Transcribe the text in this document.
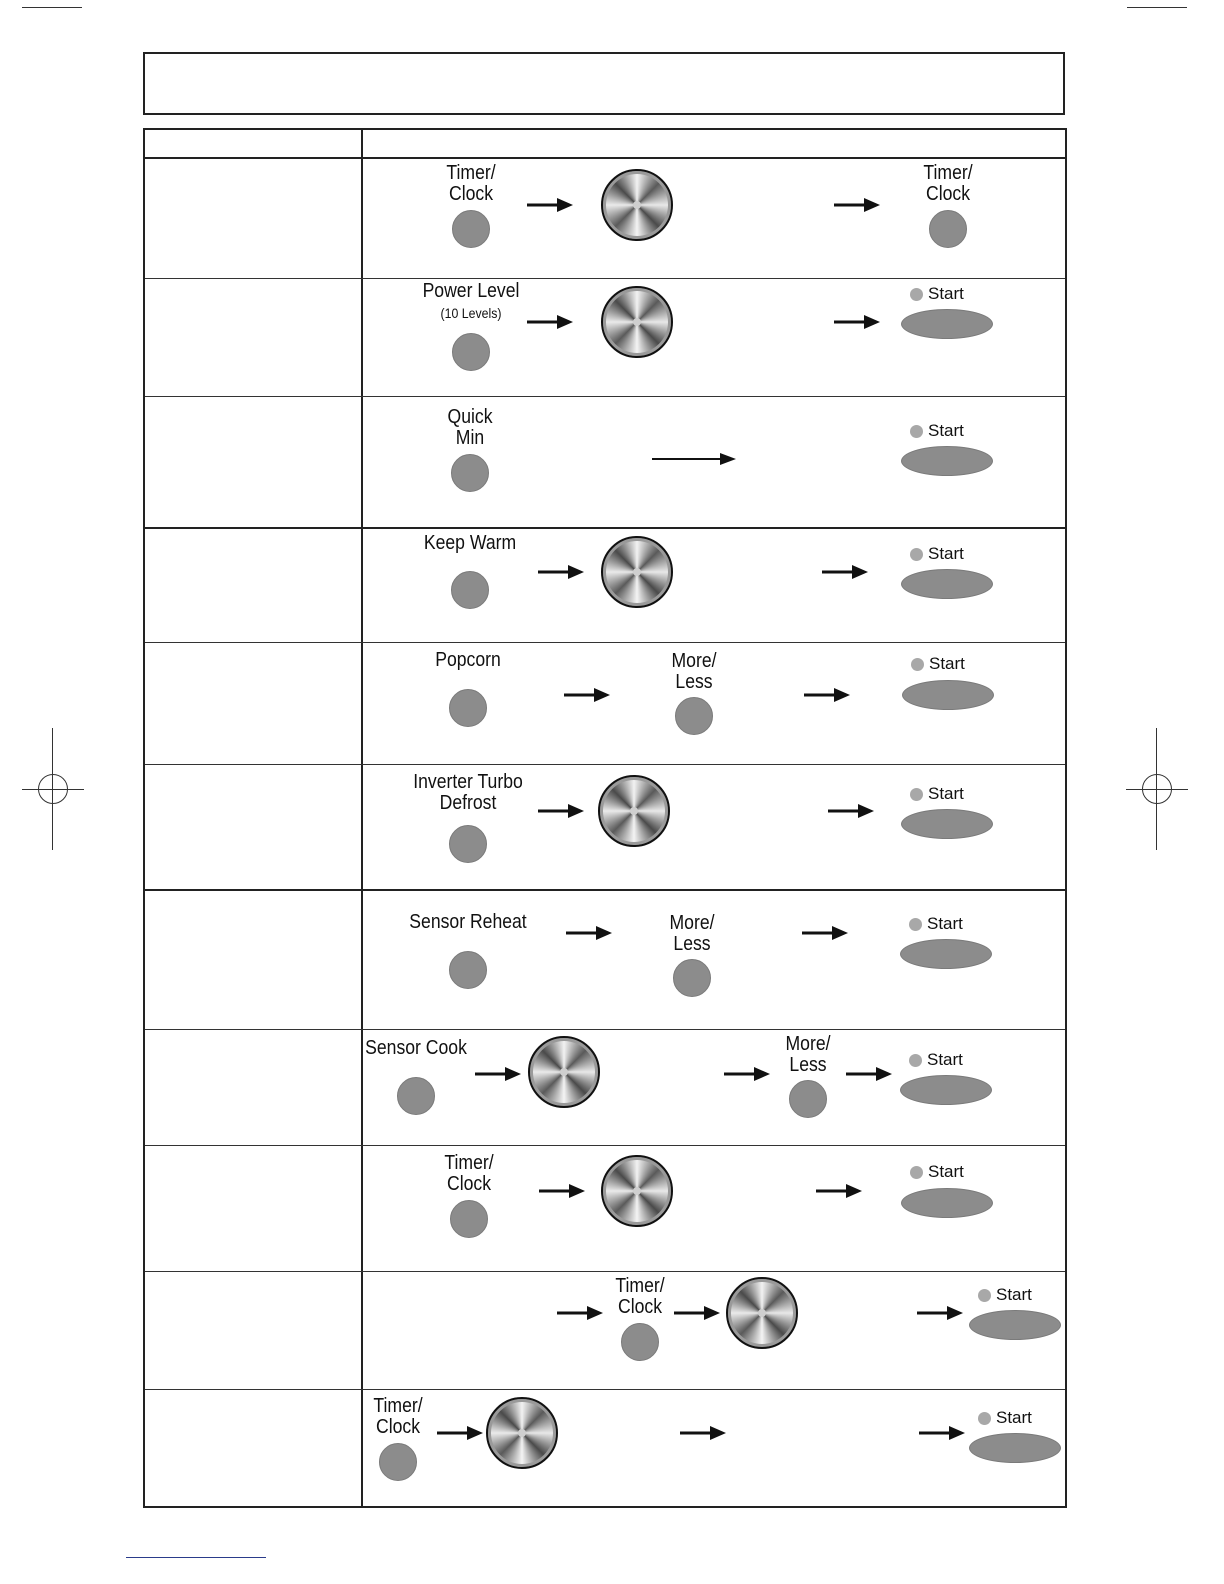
Timer/
Clock
Timer/
Clock
Power Level
(10 Levels)
Start
Quick
Min	Start
Keep Warm	Start
Popcorn	More/
Less
Start
Inverter Turbo
Defrost	Start
Sensor Reheat	More/
Less
Start
Sensor Cook	More/
Less	Start
Timer/
Clock
Start
Timer/
Clock
Start
Timer/
Clock	Start
